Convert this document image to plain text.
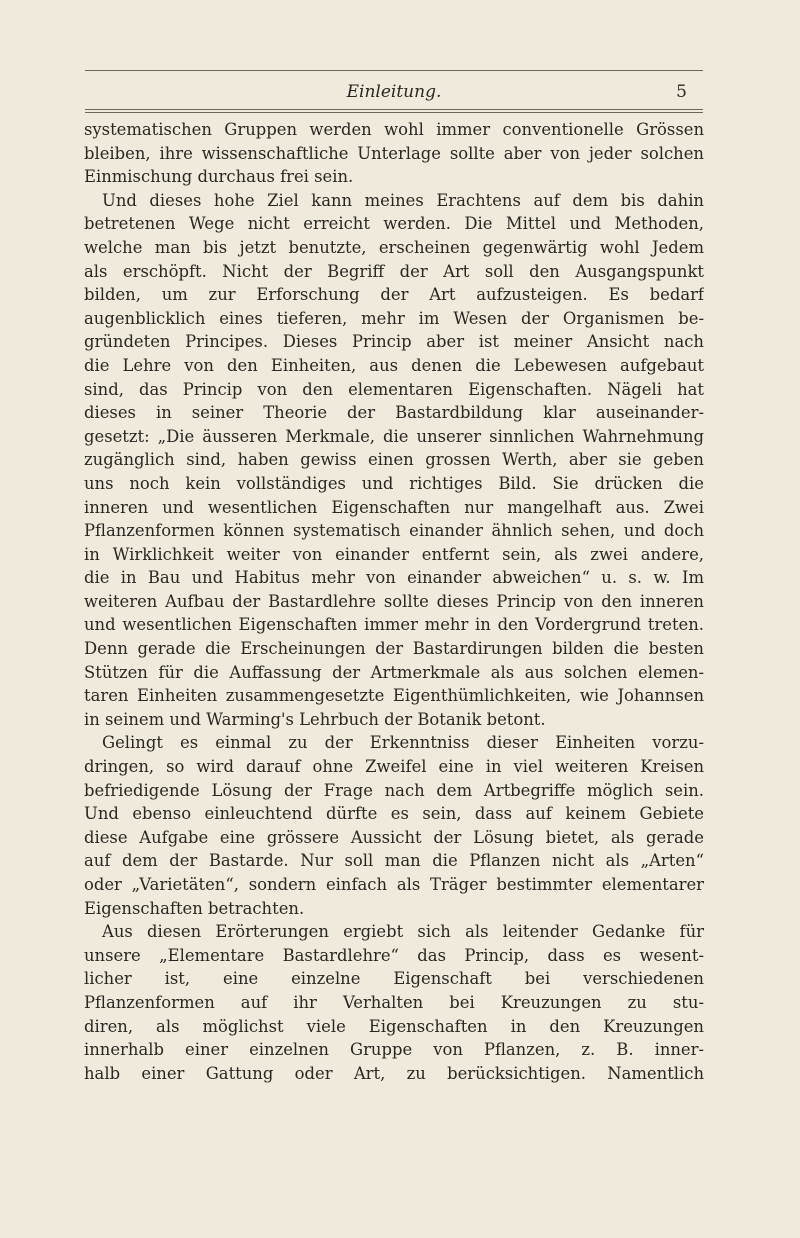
Einleitung.	5
systematischen Gruppen werden wohl immer conventionelle Grössen
bleiben, ihre wissenschaftliche Unterlage sollte aber von jeder solchen
Einmischung durchaus frei sein.
Und dieses hohe Ziel kann meines Erachtens auf dem bis dahin
betretenen Wege nicht erreicht werden. Die Mittel und Methoden,
welche man bis jetzt benutzte, erscheinen gegenwärtig wohl Jedem
als erschöpft. Nicht der Begriff der Art soll den Ausgangspunkt
bilden, um zur Erforschung der Art aufzusteigen. Es bedarf
augenblicklich eines tieferen, mehr im Wesen der Organismen be-
gründeten Principes. Dieses Princip aber ist meiner Ansicht nach
die Lehre von den Einheiten, aus denen die Lebewesen aufgebaut
sind, das Princip von den elementaren Eigenschaften. Nägeli hat
dieses in seiner Theorie der Bastardbildung klar auseinander-
gesetzt: „Die äusseren Merkmale, die unserer sinnlichen Wahrnehmung
zugänglich sind, haben gewiss einen grossen Werth, aber sie geben
uns noch kein vollständiges und richtiges Bild. Sie drücken die
inneren und wesentlichen Eigenschaften nur mangelhaft aus. Zwei
Pflanzenformen können systematisch einander ähnlich sehen, und doch
in Wirklichkeit weiter von einander entfernt sein, als zwei andere,
die in Bau und Habitus mehr von einander abweichen“ u. s. w. Im
weiteren Aufbau der Bastardlehre sollte dieses Princip von den inneren
und wesentlichen Eigenschaften immer mehr in den Vordergrund treten.
Denn gerade die Erscheinungen der Bastardirungen bilden die besten
Stützen für die Auffassung der Artmerkmale als aus solchen elemen-
taren Einheiten zusammengesetzte Eigenthümlichkeiten, wie Johannsen
in seinem und Warming's Lehrbuch der Botanik betont.
Gelingt es einmal zu der Erkenntniss dieser Einheiten vorzu-
dringen, so wird darauf ohne Zweifel eine in viel weiteren Kreisen
befriedigende Lösung der Frage nach dem Artbegriffe möglich sein.
Und ebenso einleuchtend dürfte es sein, dass auf keinem Gebiete
diese Aufgabe eine grössere Aussicht der Lösung bietet, als gerade
auf dem der Bastarde. Nur soll man die Pflanzen nicht als „Arten“
oder „Varietäten“, sondern einfach als Träger bestimmter elementarer
Eigenschaften betrachten.
Aus diesen Erörterungen ergiebt sich als leitender Gedanke für
unsere „Elementare Bastardlehre“ das Princip, dass es wesent-
licher ist, eine einzelne Eigenschaft bei verschiedenen
Pflanzenformen auf ihr Verhalten bei Kreuzungen zu stu-
diren, als möglichst viele Eigenschaften in den Kreuzungen
innerhalb einer einzelnen Gruppe von Pflanzen, z. B. inner-
halb einer Gattung oder Art, zu berücksichtigen. Namentlich
